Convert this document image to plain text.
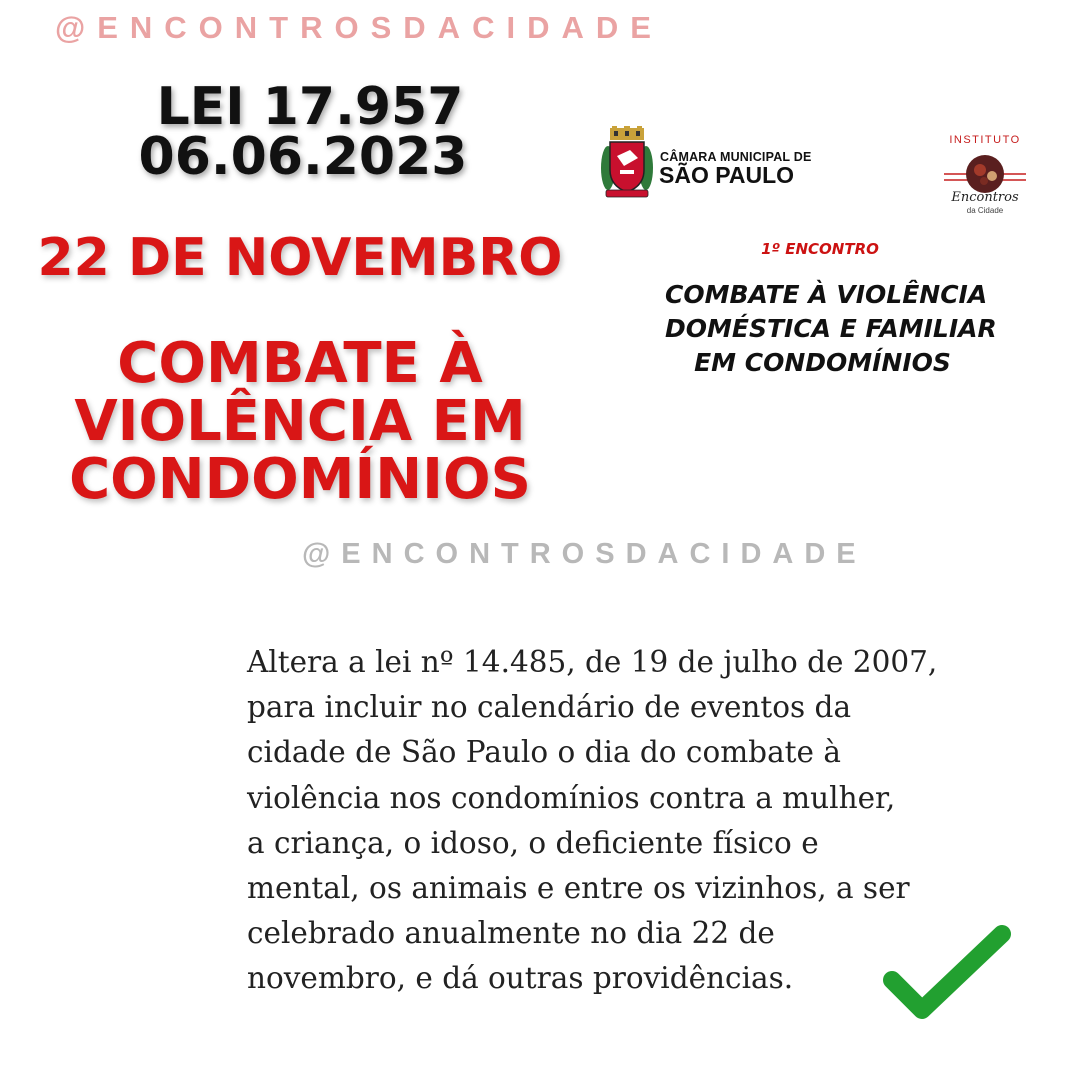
@ENCONTROSDACIDADE
LEI 17.957
06.06.2023
22 DE NOVEMBRO
COMBATE À
VIOLÊNCIA EM
CONDOMÍNIOS
CÂMARA MUNICIPAL DE
SÃO PAULO
INSTITUTO
Encontros
da Cidade
1º ENCONTRO
COMBATE À VIOLÊNCIA
DOMÉSTICA E FAMILIAR
EM CONDOMÍNIOS
@ENCONTROSDACIDADE
Altera a lei nº 14.485, de 19 de julho de 2007,
para incluir no calendário de eventos da
cidade de São Paulo o dia do combate à
violência nos condomínios contra a mulher,
a criança, o idoso, o deficiente físico e
mental, os animais e entre os vizinhos, a ser
celebrado anualmente no dia 22 de
novembro, e dá outras providências.
